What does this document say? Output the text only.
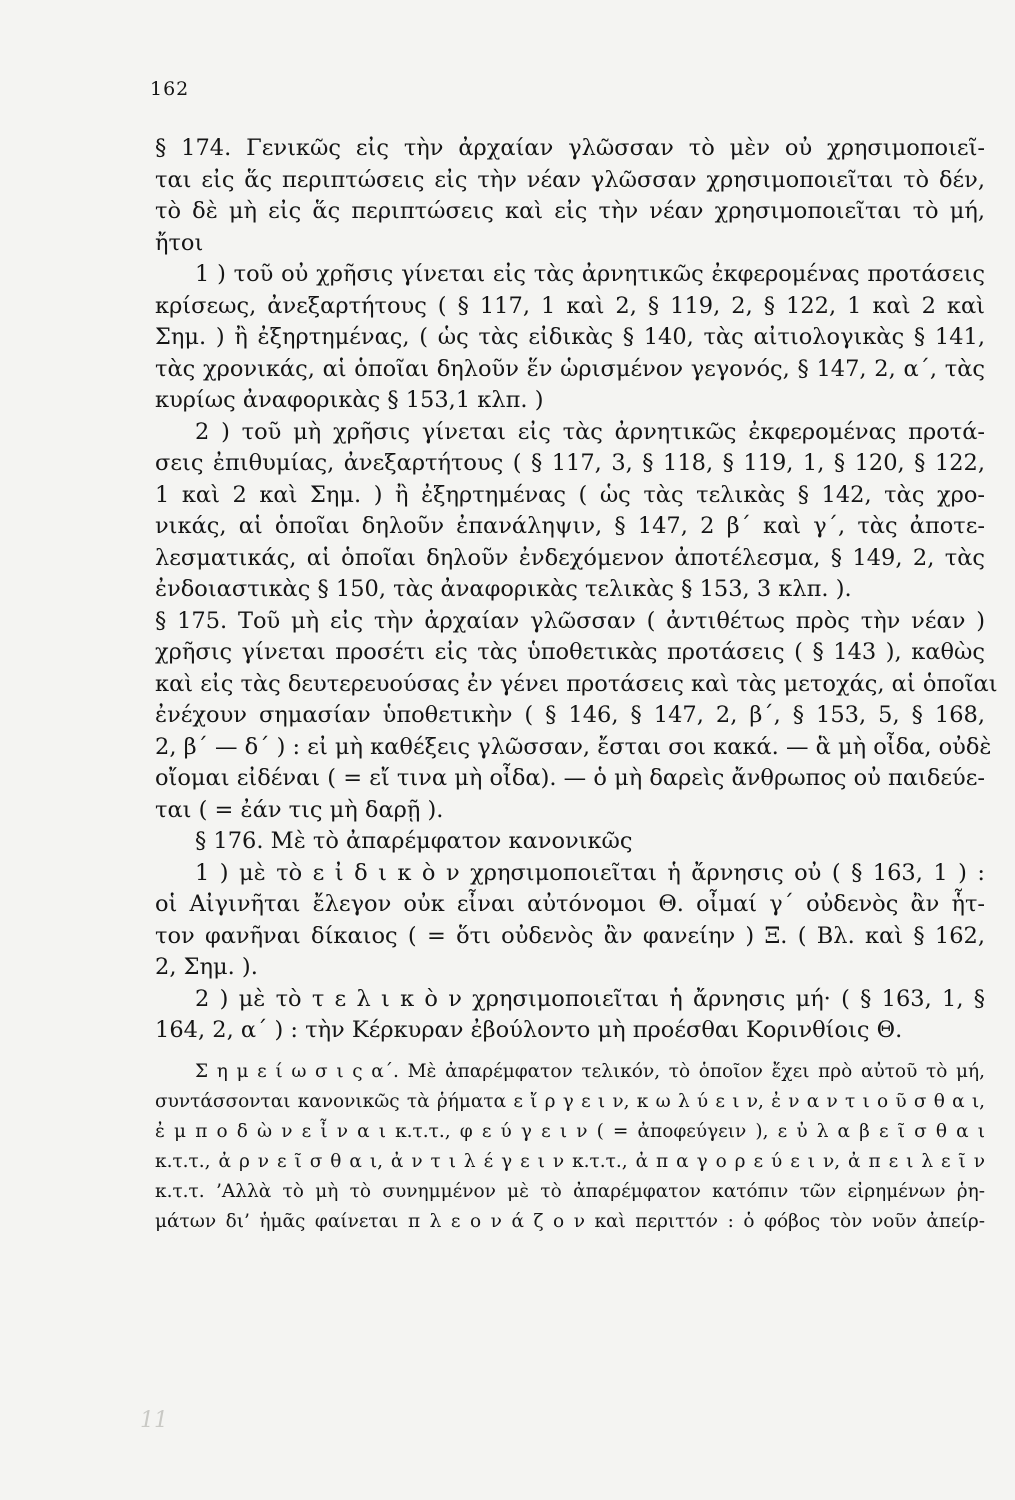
162
§ 174. Γενικῶς εἰς τὴν ἀρχαίαν γλῶσσαν τὸ μὲν οὐ χρησιμοποιεῖ-
ται εἰς ἅς περιπτώσεις εἰς τὴν νέαν γλῶσσαν χρησιμοποιεῖται τὸ δέν,
τὸ δὲ μὴ εἰς ἅς περιπτώσεις καὶ εἰς τὴν νέαν χρησιμοποιεῖται τὸ μή,
ἤτοι
1 ) τοῦ οὐ χρῆσις γίνεται εἰς τὰς ἀρνητικῶς ἐκφερομένας προτάσεις
κρίσεως, ἀνεξαρτήτους ( § 117, 1 καὶ 2, § 119, 2, § 122, 1 καὶ 2 καὶ
Σημ. ) ἢ ἐξηρτημένας, ( ὡς τὰς εἰδικὰς § 140, τὰς αἰτιολογικὰς § 141,
τὰς χρονικάς, αἱ ὁποῖαι δηλοῦν ἕν ὡρισμένον γεγονός, § 147, 2, α΄, τὰς
κυρίως ἀναφορικὰς § 153,1 κλπ. )
2 ) τοῦ μὴ χρῆσις γίνεται εἰς τὰς ἀρνητικῶς ἐκφερομένας προτά-
σεις ἐπιθυμίας, ἀνεξαρτήτους ( § 117, 3, § 118, § 119, 1, § 120, § 122,
1 καὶ 2 καὶ Σημ. ) ἢ ἐξηρτημένας ( ὡς τὰς τελικὰς § 142, τὰς χρο-
νικάς, αἱ ὁποῖαι δηλοῦν ἐπανάληψιν, § 147, 2 β΄ καὶ γ΄, τὰς ἀποτε-
λεσματικάς, αἱ ὁποῖαι δηλοῦν ἐνδεχόμενον ἀποτέλεσμα, § 149, 2, τὰς
ἐνδοιαστικὰς § 150, τὰς ἀναφορικὰς τελικὰς § 153, 3 κλπ. ).
§ 175. Τοῦ μὴ εἰς τὴν ἀρχαίαν γλῶσσαν ( ἀντιθέτως πρὸς τὴν νέαν )
χρῆσις γίνεται προσέτι εἰς τὰς ὑποθετικὰς προτάσεις ( § 143 ), καθὼς
καὶ εἰς τὰς δευτερευούσας ἐν γένει προτάσεις καὶ τὰς μετοχάς, αἱ ὁποῖαι
ἐνέχουν σημασίαν ὑποθετικὴν ( § 146, § 147, 2, β΄, § 153, 5, § 168,
2, β΄ — δ΄ ) : εἰ μὴ καθέξεις γλῶσσαν, ἔσται σοι κακά. — ἃ μὴ οἶδα, οὐδὲ
οἴομαι εἰδέναι ( = εἴ τινα μὴ οἶδα). — ὁ μὴ δαρεὶς ἄνθρωπος οὐ παιδεύε-
ται ( = ἐάν τις μὴ δαρῇ ).
§ 176. Μὲ τὸ ἀπαρέμφατον κανονικῶς
1 ) μὲ τὸ ε ἰ δ ι κ ὸ ν χρησιμοποιεῖται ἡ ἄρνησις οὐ ( § 163, 1 ) :
οἱ Αἰγινῆται ἔλεγον οὐκ εἶναι αὐτόνομοι Θ. οἶμαί γ΄ οὐδενὸς ἂν ἧτ-
τον φανῆναι δίκαιος ( = ὅτι οὐδενὸς ἂν φανείην ) Ξ. ( Βλ. καὶ § 162,
2, Σημ. ).
2 ) μὲ τὸ τ ε λ ι κ ὸ ν χρησιμοποιεῖται ἡ ἄρνησις μή· ( § 163, 1, §
164, 2, α΄ ) : τὴν Κέρκυραν ἐβούλοντο μὴ προέσθαι Κορινθίοις Θ.
Σ η μ ε ί ω σ ι ς α΄. Μὲ ἀπαρέμφατον τελικόν, τὸ ὁποῖον ἔχει πρὸ αὐτοῦ τὸ μή,
συντάσσονται κανονικῶς τὰ ῥήματα ε ἴ ρ γ ε ι ν, κ ω λ ύ ε ι ν, ἐ ν α ν τ ι ο ῦ σ θ α ι,
ἐ μ π ο δ ὼ ν ε ἶ ν α ι κ.τ.τ., φ ε ύ γ ε ι ν ( = ἀποφεύγειν ), ε ὐ λ α β ε ῖ σ θ α ι
κ.τ.τ., ἀ ρ ν ε ῖ σ θ α ι, ἀ ν τ ι λ έ γ ε ι ν κ.τ.τ., ἀ π α γ ο ρ ε ύ ε ι ν, ἀ π ε ι λ ε ῖ ν
κ.τ.τ. ’Αλλὰ τὸ μὴ τὸ συνημμένον μὲ τὸ ἀπαρέμφατον κατόπιν τῶν εἰρημένων ῥη-
μάτων δι’ ἡμᾶς φαίνεται π λ ε ο ν ά ζ ο ν καὶ περιττόν : ὁ φόβος τὸν νοῦν ἀπείρ-
11
